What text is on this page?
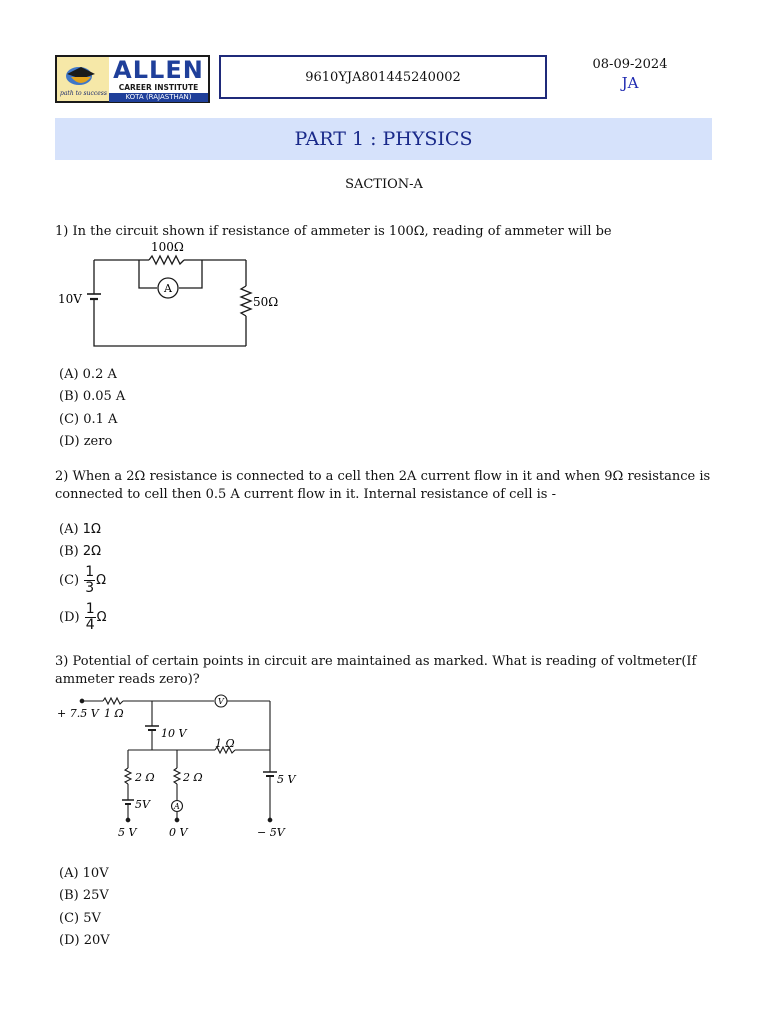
path to success
ALLEN
CAREER INSTITUTE
KOTA (RAJASTHAN)
9610YJA801445240002
08-09-2024
JA
PART 1 : PHYSICS
SACTION-A
1) In the circuit shown if resistance of ammeter is 100Ω, reading of ammeter will be
100Ω
A
10V	50Ω
(A) 0.2 A
(B) 0.05 A
(C) 0.1 A
(D) zero
2) When a 2Ω resistance is connected to a cell then 2A current flow in it and when 9Ω resistance is connected to cell then 0.5 A current flow in it. Internal resistance of cell is -
(A) 1Ω
(B) 2Ω
$(C) \frac{1}{3}$ Ω
$(D) \frac{1}{4}$ Ω
3) Potential of certain points in circuit are maintained as marked. What is reading of voltmeter(If ammeter reads zero)?
+ 7.5 V 1 Ω
V
10 V
1 Ω
2 Ω	2 Ω
5V
5 V
A
5 V	0 V	− 5V
(A) 10V
(B) 25V
(C) 5V
(D) 20V
